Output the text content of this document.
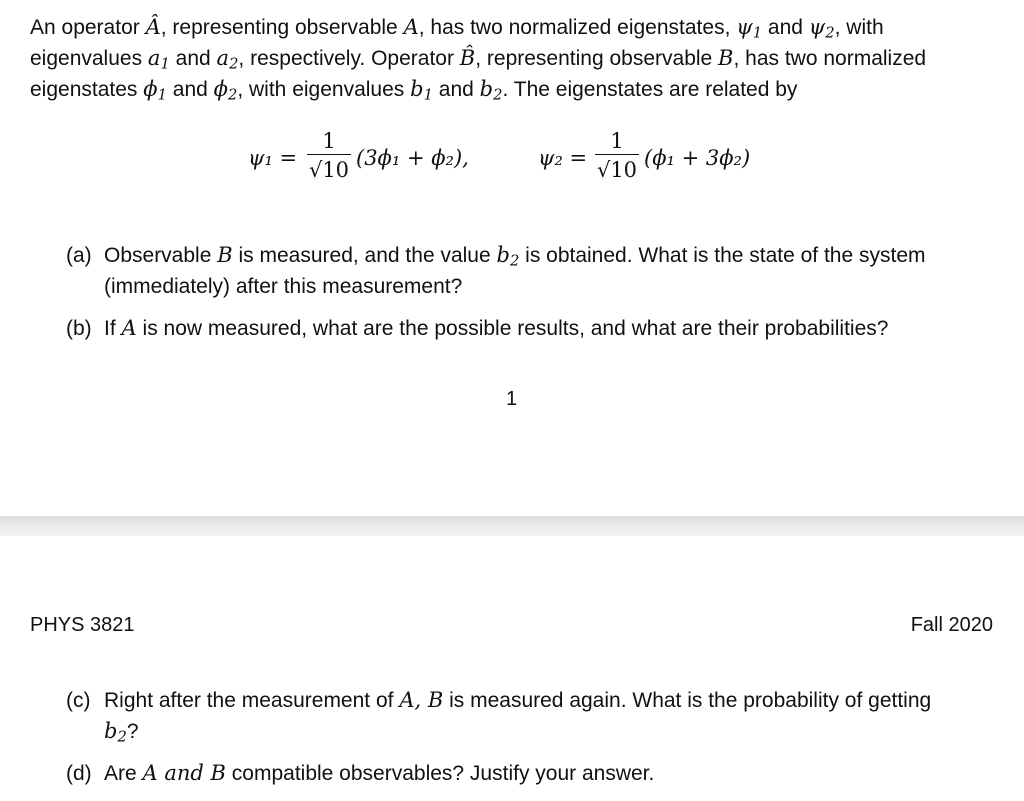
An operator Â, representing observable A, has two normalized eigenstates, $\psi_1$ and $\psi_2$, with eigenvalues $a_1$ and $a_2$, respectively. Operator B̂, representing observable B, has two normalized eigenstates $\phi_1$ and $\phi_2$, with eigenvalues $b_1$ and $b_2$. The eigenstates are related by

ψ₁ =
1
√10 (3ϕ₁ + ϕ₂),	ψ₂ =
1
√10 (ϕ₁ + 3ϕ₂)
(a) Observable B is measured, and the value $b_2$ is obtained. What is the state of the system (immediately) after this measurement?
(b) If A is now measured, what are the possible results, and what are their probabilities?
1
PHYS 3821	Fall 2020
(c) Right after the measurement of A, B is measured again. What is the probability of getting $b_2$?
(d) Are A and B compatible observables? Justify your answer.
